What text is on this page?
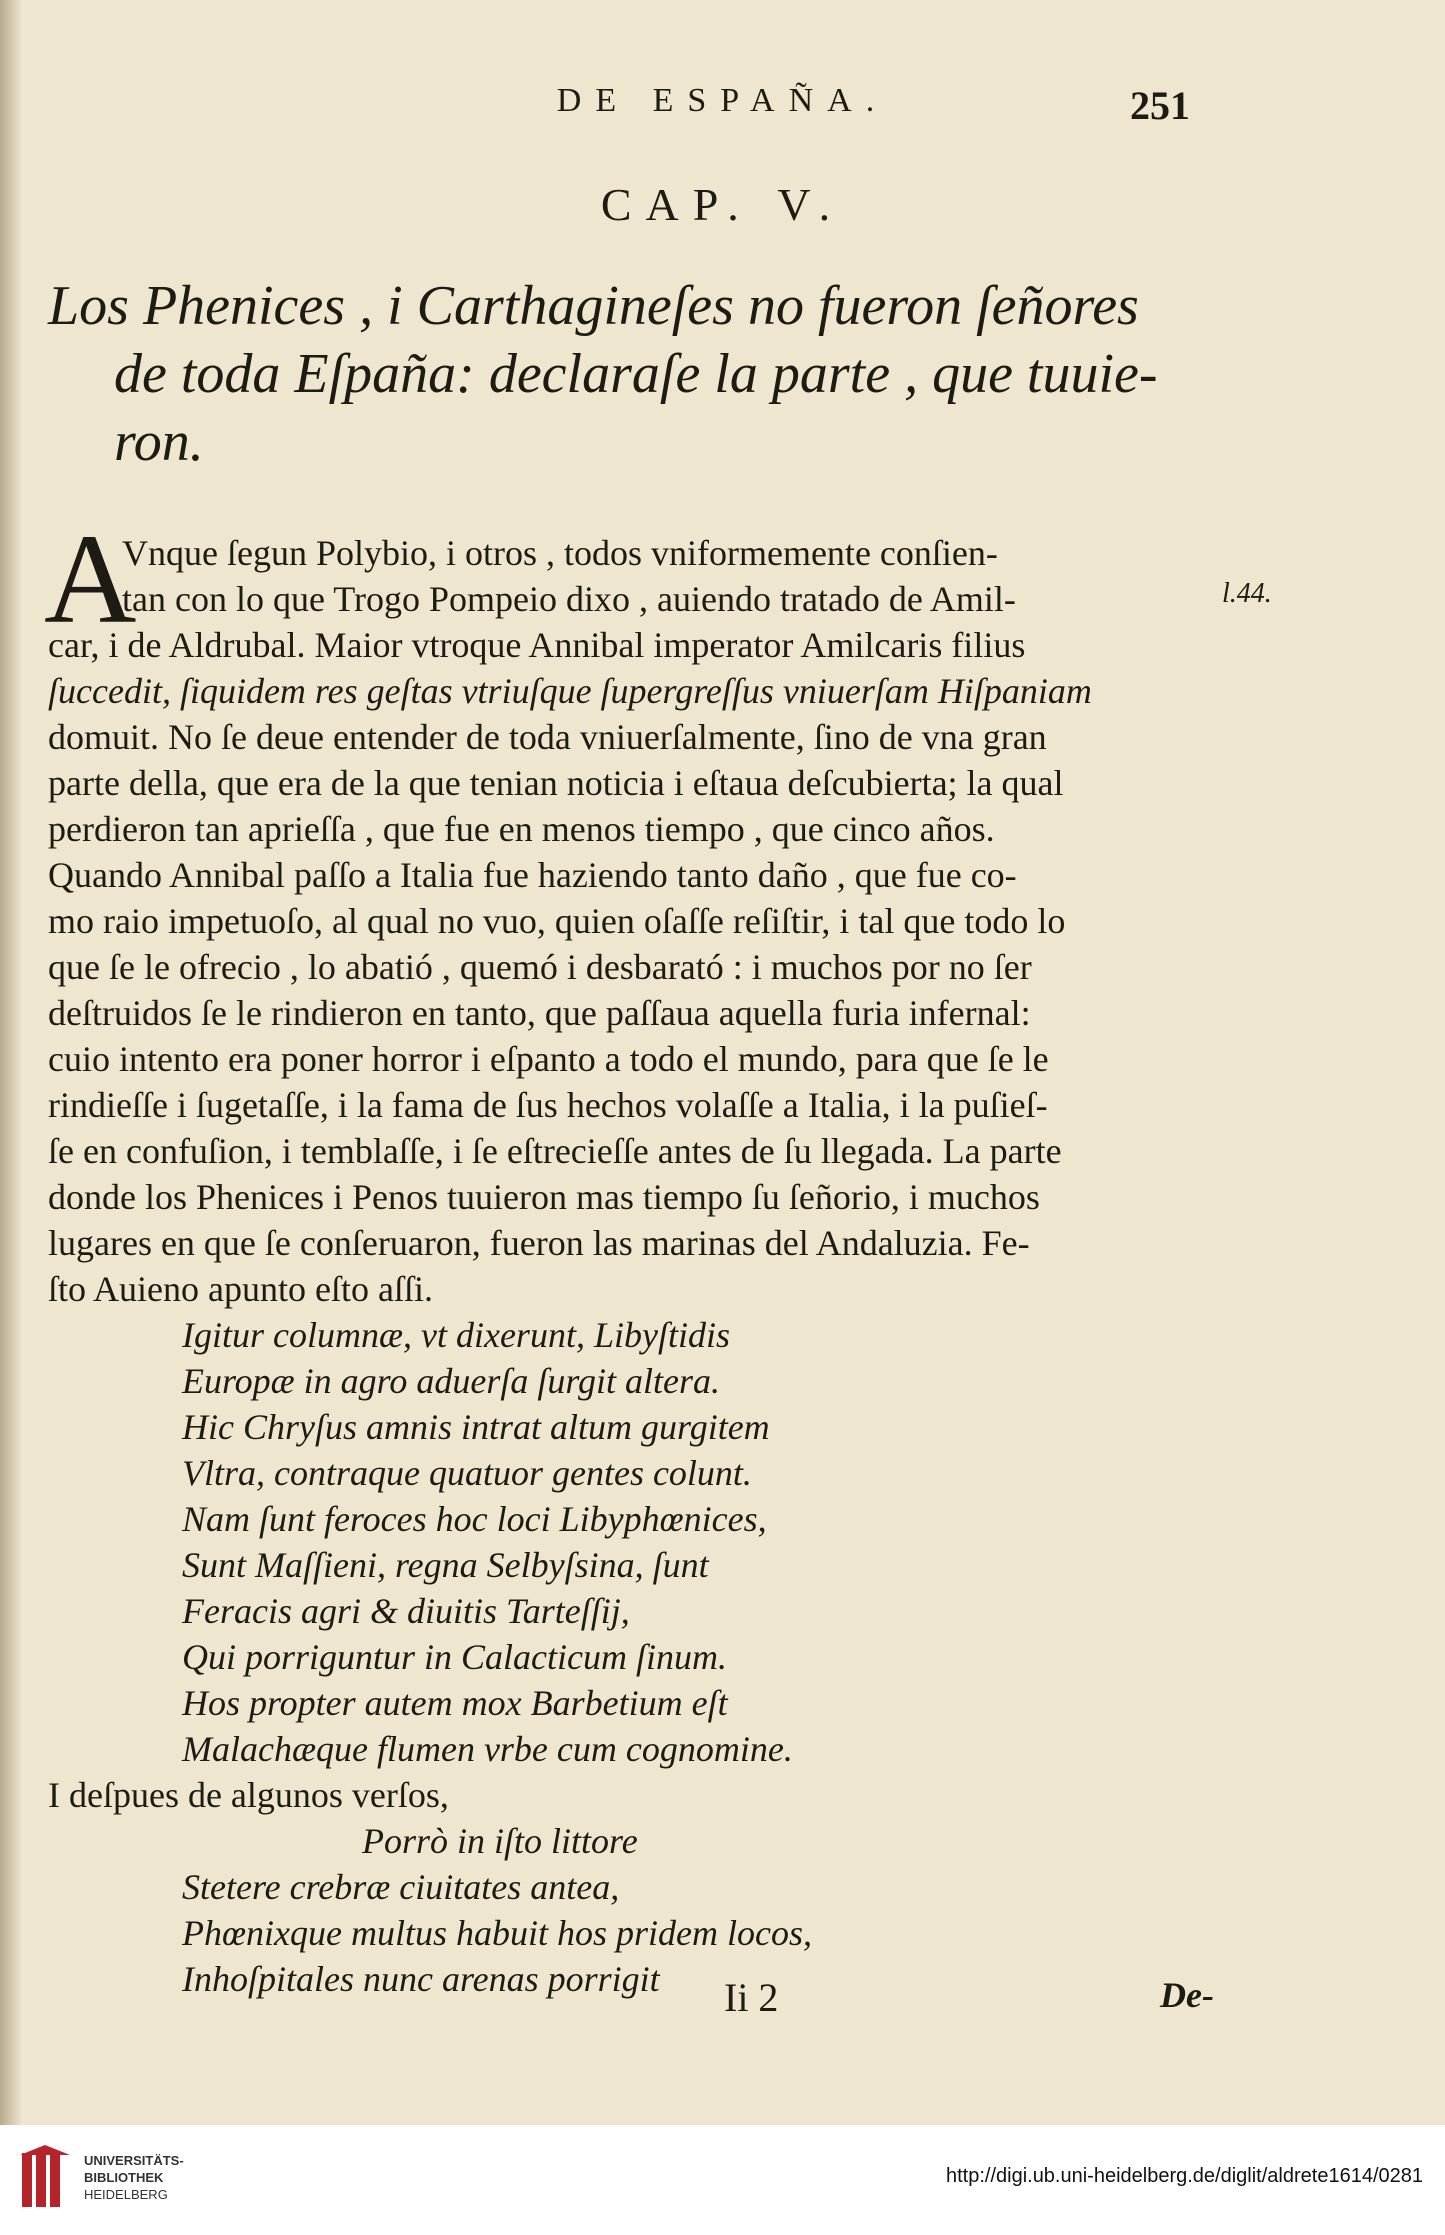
DE ESPAÑA.	251
CAP. V.
Los Phenices , i Carthagineſes no fueron ſeñores
de toda Eſpaña: declaraſe la parte , que tuuie-
ron.
A	l.44.
Vnque ſegun Polybio, i otros , todos vniformemente conſien-
tan con lo que Trogo Pompeio dixo , auiendo tratado de Amil-
car, i de Aldrubal. Maior vtroque Annibal imperator Amilcaris filius
ſuccedit, ſiquidem res geſtas vtriuſque ſupergreſſus vniuerſam Hiſpaniam
domuit. No ſe deue entender de toda vniuerſalmente, ſino de vna gran
parte della, que era de la que tenian noticia i eſtaua deſcubierta; la qual
perdieron tan aprieſſa , que fue en menos tiempo , que cinco años.
Quando Annibal paſſo a Italia fue haziendo tanto daño , que fue co-
mo raio impetuoſo, al qual no vuo, quien oſaſſe reſiſtir, i tal que todo lo
que ſe le ofrecio , lo abatió , quemó i desbarató : i muchos por no ſer
deſtruidos ſe le rindieron en tanto, que paſſaua aquella furia infernal:
cuio intento era poner horror i eſpanto a todo el mundo, para que ſe le
rindieſſe i ſugetaſſe, i la fama de ſus hechos volaſſe a Italia, i la puſieſ-
ſe en confuſion, i temblaſſe, i ſe eſtrecieſſe antes de ſu llegada. La parte
donde los Phenices i Penos tuuieron mas tiempo ſu ſeñorio, i muchos
lugares en que ſe conſeruaron, fueron las marinas del Andaluzia. Fe-
ſto Auieno apunto eſto aſſi.
Igitur columnæ, vt dixerunt, Libyſtidis
Europæ in agro aduerſa ſurgit altera.
Hic Chryſus amnis intrat altum gurgitem
Vltra, contraque quatuor gentes colunt.
Nam ſunt feroces hoc loci Libyphœnices,
Sunt Maſſieni, regna Selbyſsina, ſunt
Feracis agri & diuitis Tarteſſij,
Qui porriguntur in Calacticum ſinum.
Hos propter autem mox Barbetium eſt
Malachæque flumen vrbe cum cognomine.
I deſpues de algunos verſos,
Porrò in iſto littore
Stetere crebræ ciuitates antea,
Phœnixque multus habuit hos pridem locos,
Inhoſpitales nunc arenas porrigit Ii 2	De-
UNIVERSITÄTS-
BIBLIOTHEK
HEIDELBERG
http://digi.ub.uni-heidelberg.de/diglit/aldrete1614/0281
